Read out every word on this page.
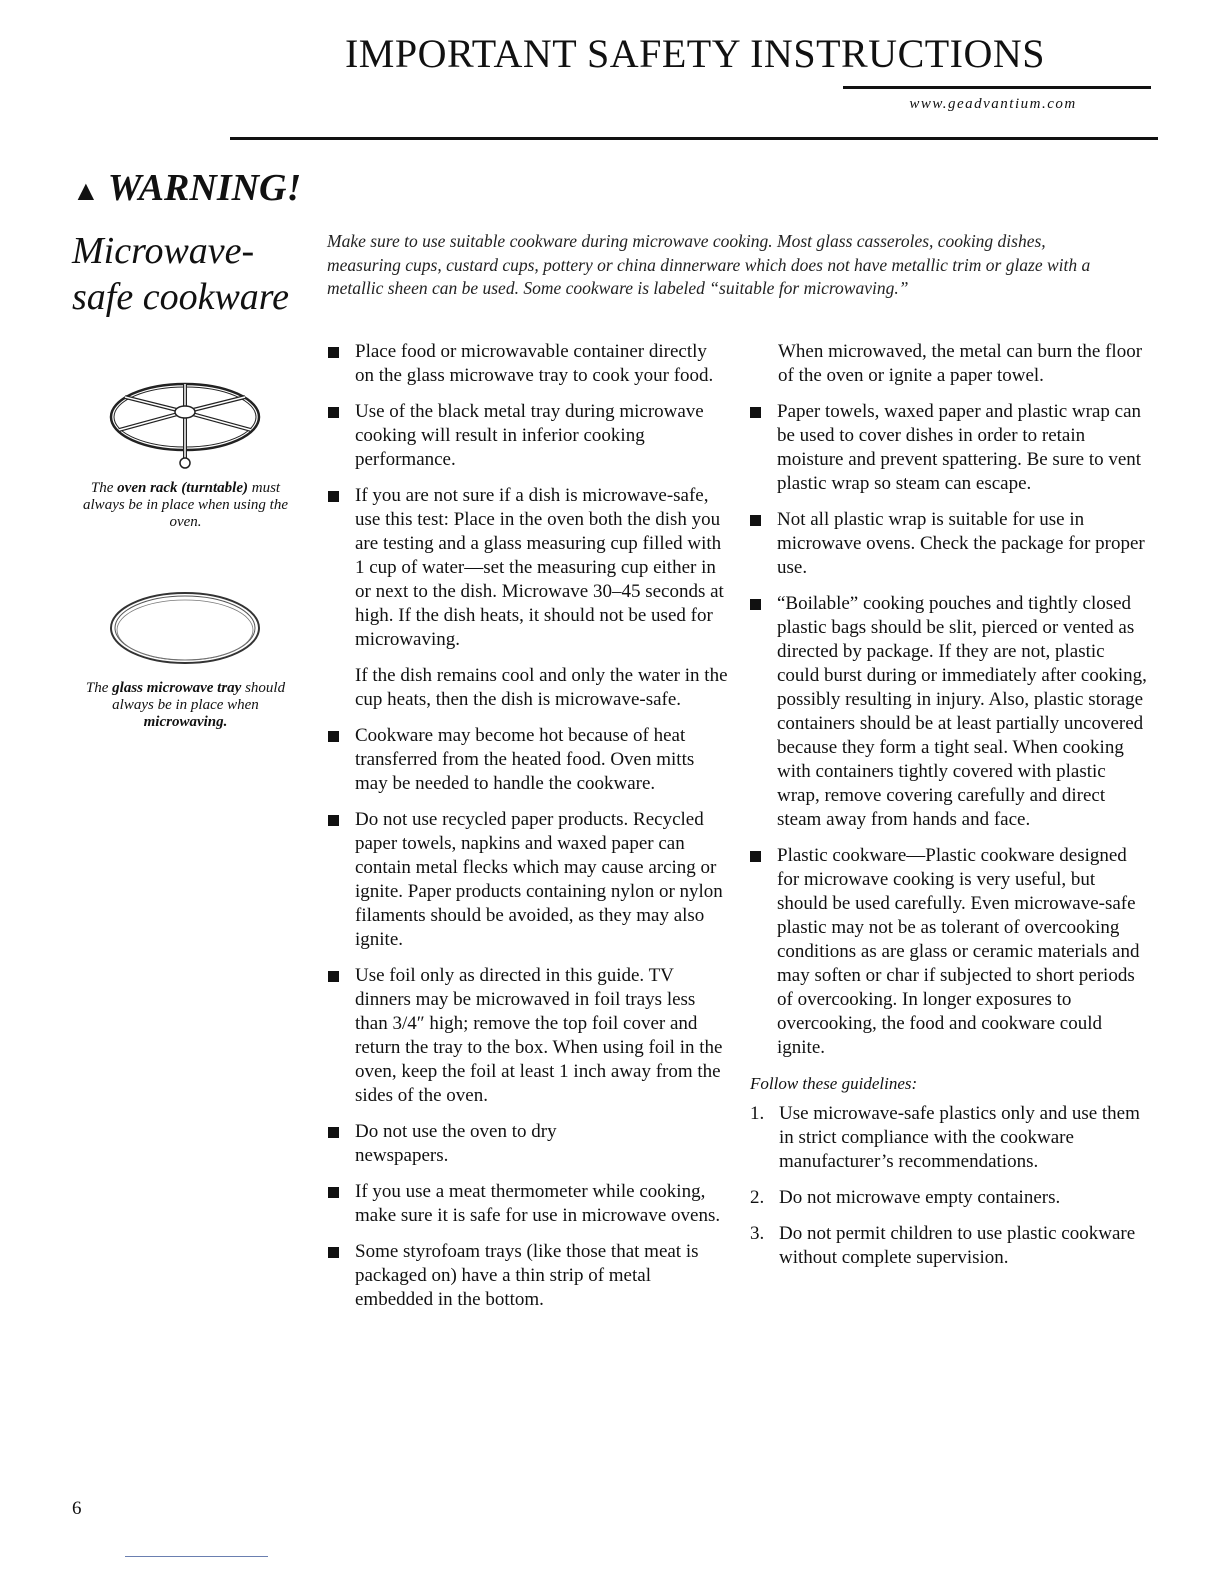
IMPORTANT SAFETY INSTRUCTIONS
www.geadvantium.com
▲ WARNING!
Microwave-safe cookware
The oven rack (turntable) must always be in place when using the oven.
The glass microwave tray should always be in place when microwaving.
Make sure to use suitable cookware during microwave cooking. Most glass casseroles, cooking dishes, measuring cups, custard cups, pottery or china dinnerware which does not have metallic trim or glaze with a metallic sheen can be used. Some cookware is labeled “suitable for microwaving.”

Place food or microwavable container directly on the glass microwave tray to cook your food.

Use of the black metal tray during microwave cooking will result in inferior cooking performance.

If you are not sure if a dish is microwave-safe, use this test: Place in the oven both the dish you are testing and a glass measuring cup filled with 1 cup of water—set the measuring cup either in or next to the dish. Microwave 30–45 seconds at high. If the dish heats, it should not be used for microwaving.

If the dish remains cool and only the water in the cup heats, then the dish is microwave-safe.

Cookware may become hot because of heat transferred from the heated food. Oven mitts may be needed to handle the cookware.

Do not use recycled paper products. Recycled paper towels, napkins and waxed paper can contain metal flecks which may cause arcing or ignite. Paper products containing nylon or nylon filaments should be avoided, as they may also ignite.

Use foil only as directed in this guide. TV dinners may be microwaved in foil trays less than 3/4″ high; remove the top foil cover and return the tray to the box. When using foil in the oven, keep the foil at least 1 inch away from the sides of the oven.

Do not use the oven to dry newspapers.

If you use a meat thermometer while cooking, make sure it is safe for use in microwave ovens.

Some styrofoam trays (like those that meat is packaged on) have a thin strip of metal embedded in the bottom.

When microwaved, the metal can burn the floor of the oven or ignite a paper towel.

Paper towels, waxed paper and plastic wrap can be used to cover dishes in order to retain moisture and prevent spattering. Be sure to vent plastic wrap so steam can escape.

Not all plastic wrap is suitable for use in microwave ovens. Check the package for proper use.

“Boilable” cooking pouches and tightly closed plastic bags should be slit, pierced or vented as directed by package. If they are not, plastic could burst during or immediately after cooking, possibly resulting in injury. Also, plastic storage containers should be at least partially uncovered because they form a tight seal. When cooking with containers tightly covered with plastic wrap, remove covering carefully and direct steam away from hands and face.

Plastic cookware—Plastic cookware designed for microwave cooking is very useful, but should be used carefully. Even microwave-safe plastic may not be as tolerant of overcooking conditions as are glass or ceramic materials and may soften or char if subjected to short periods of overcooking. In longer exposures to overcooking, the food and cookware could ignite.

Follow these guidelines:

1. Use microwave-safe plastics only and use them in strict compliance with the cookware manufacturer’s recommendations.

2. Do not microwave empty containers.

3. Do not permit children to use plastic cookware without complete supervision.

6
